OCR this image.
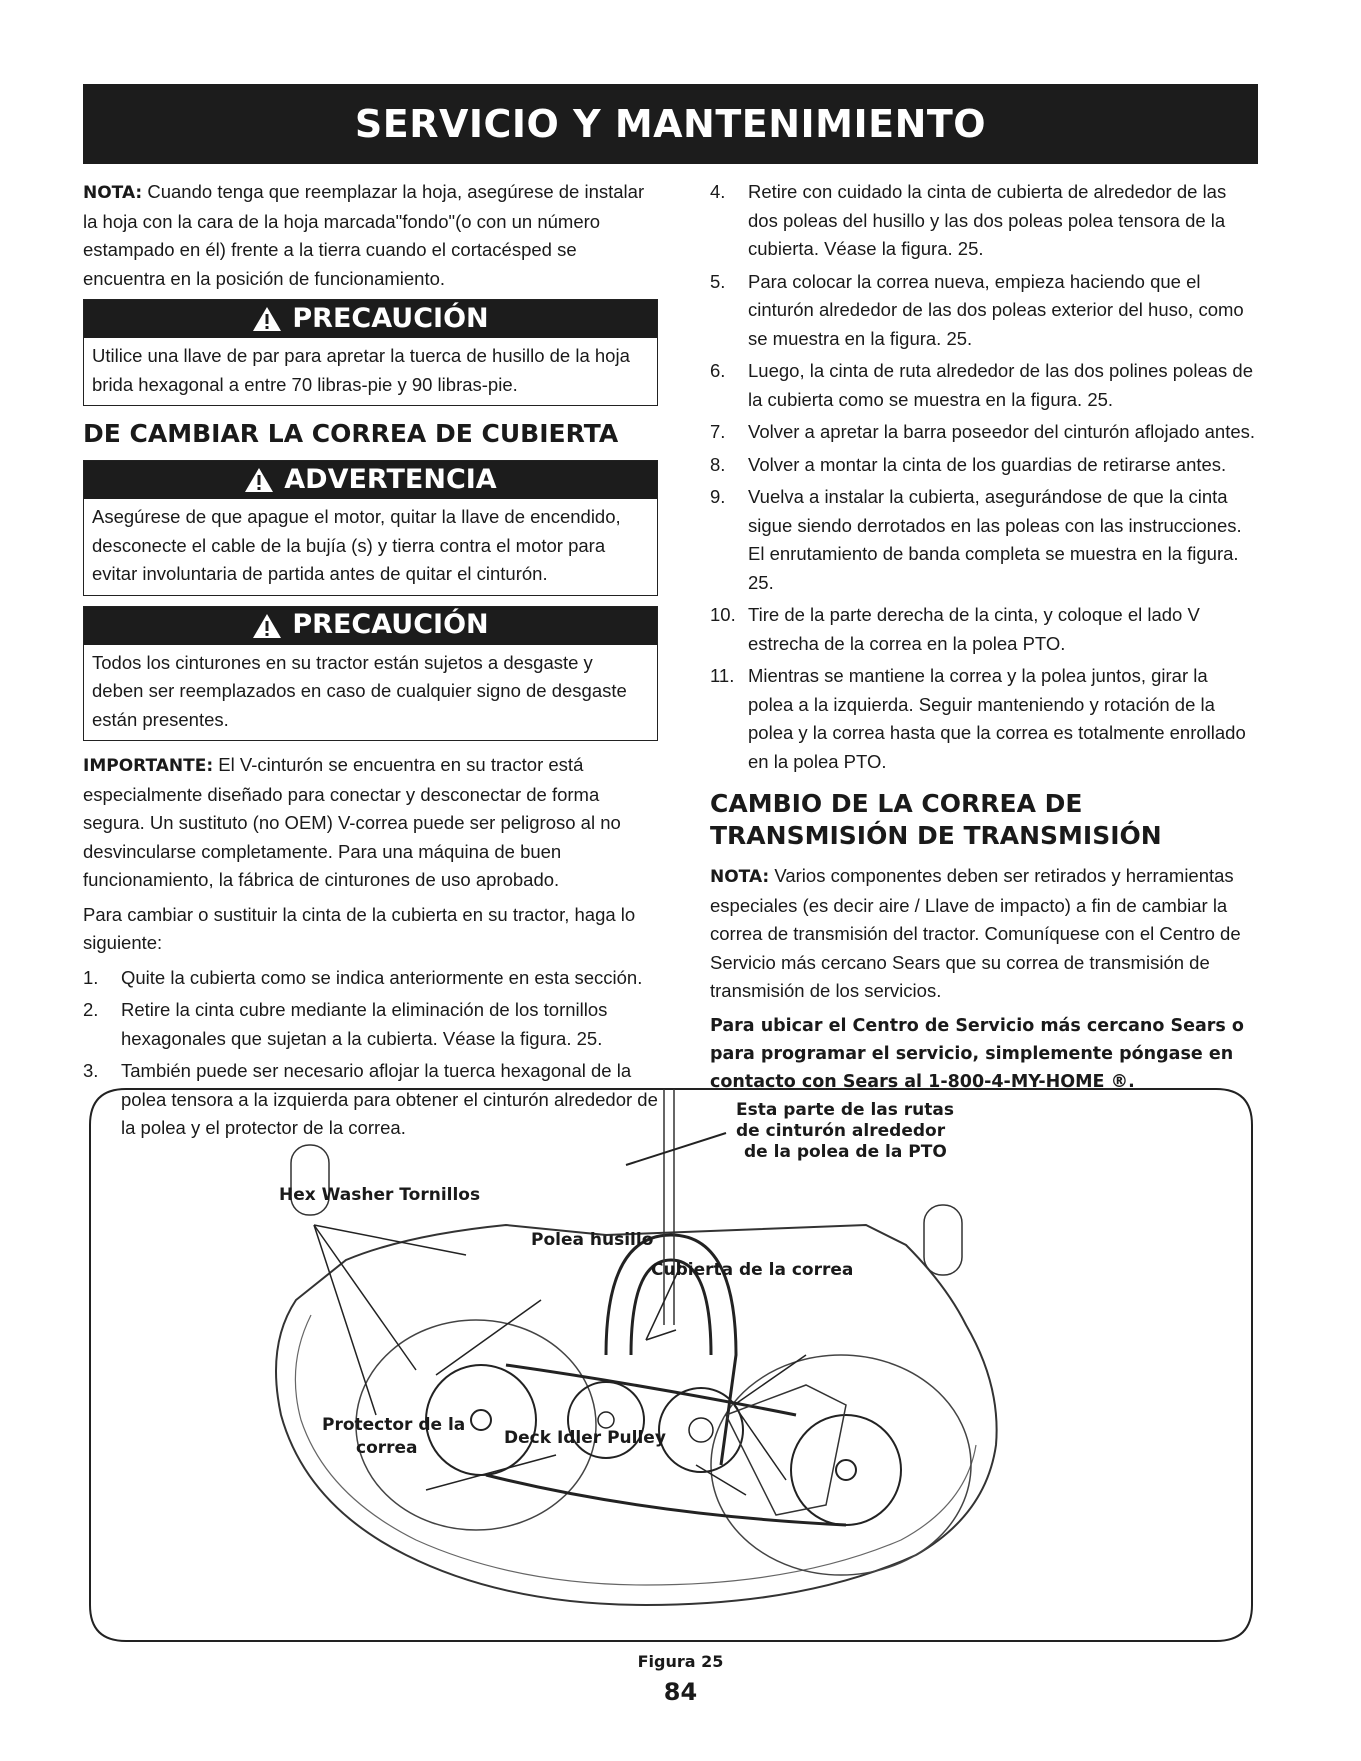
SERVICIO Y MANTENIMIENTO

NOTA: Cuando tenga que reemplazar la hoja, asegúrese de instalar la hoja con la cara de la hoja marcada"fondo"(o con un número estampado en él) frente a la tierra cuando el cortacésped se encuentra en la posición de funcionamiento.

PRECAUCIÓN
Utilice una llave de par para apretar la tuerca de husillo de la hoja brida hexagonal a entre 70 libras-pie y 90 libras-pie.
DE CAMBIAR LA CORREA DE CUBIERTA
ADVERTENCIA
Asegúrese de que apague el motor, quitar la llave de encendido, desconecte el cable de la bujía (s) y tierra contra el motor para evitar involuntaria de partida antes de quitar el cinturón.
PRECAUCIÓN
Todos los cinturones en su tractor están sujetos a desgaste y deben ser reemplazados en caso de cualquier signo de desgaste están presentes.

IMPORTANTE: El V-cinturón se encuentra en su tractor está especialmente diseñado para conectar y desconectar de forma segura. Un sustituto (no OEM) V-correa puede ser peligroso al no desvincularse completamente. Para una máquina de buen funcionamiento, la fábrica de cinturones de uso aprobado.

Para cambiar o sustituir la cinta de la cubierta en su tractor, haga lo siguiente:

1.	Quite la cubierta como se indica anteriormente en esta sección.
2.	Retire la cinta cubre mediante la eliminación de los tornillos hexagonales que sujetan a la cubierta. Véase la figura. 25.
3.	También puede ser necesario aflojar la tuerca hexagonal de la polea tensora a la izquierda para obtener el cinturón alrededor de la polea y el protector de la correa.
4.	Retire con cuidado la cinta de cubierta de alrededor de las dos poleas del husillo y las dos poleas polea tensora de la cubierta. Véase la figura. 25.
5.	Para colocar la correa nueva, empieza haciendo que el cinturón alrededor de las dos poleas exterior del huso, como se muestra en la figura. 25.
6.	Luego, la cinta de ruta alrededor de las dos polines poleas de la cubierta como se muestra en la figura. 25.
7.	Volver a apretar la barra poseedor del cinturón aflojado antes.
8.	Volver a montar la cinta de los guardias de retirarse antes.
9.	Vuelva a instalar la cubierta, asegurándose de que la cinta sigue siendo derrotados en las poleas con las instrucciones. El enrutamiento de banda completa se muestra en la figura. 25.
10. Tire de la parte derecha de la cinta, y coloque el lado V estrecha de la correa en la polea PTO.
11. Mientras se mantiene la correa y la polea juntos, girar la polea a la izquierda. Seguir manteniendo y rotación de la polea y la correa hasta que la correa es totalmente enrollado en la polea PTO.
CAMBIO DE LA CORREA DE TRANSMISIÓN DE TRANSMISIÓN

NOTA: Varios componentes deben ser retirados y herramientas especiales (es decir aire / Llave de impacto) a fin de cambiar la correa de transmisión del tractor. Comuníquese con el Centro de Servicio más cercano Sears que su correa de transmisión de transmisión de los servicios.

Para ubicar el Centro de Servicio más cercano Sears o para programar el servicio, simplemente póngase en contacto con Sears al 1-800-4-MY-HOME ®.

Esta parte de las rutas
de cinturón alrededor
de la polea de la PTO
Hex Washer Tornillos
Polea husillo
Cubierta de la correa
Protector de la
correa	Deck Idler Pulley
Figura 25
84
